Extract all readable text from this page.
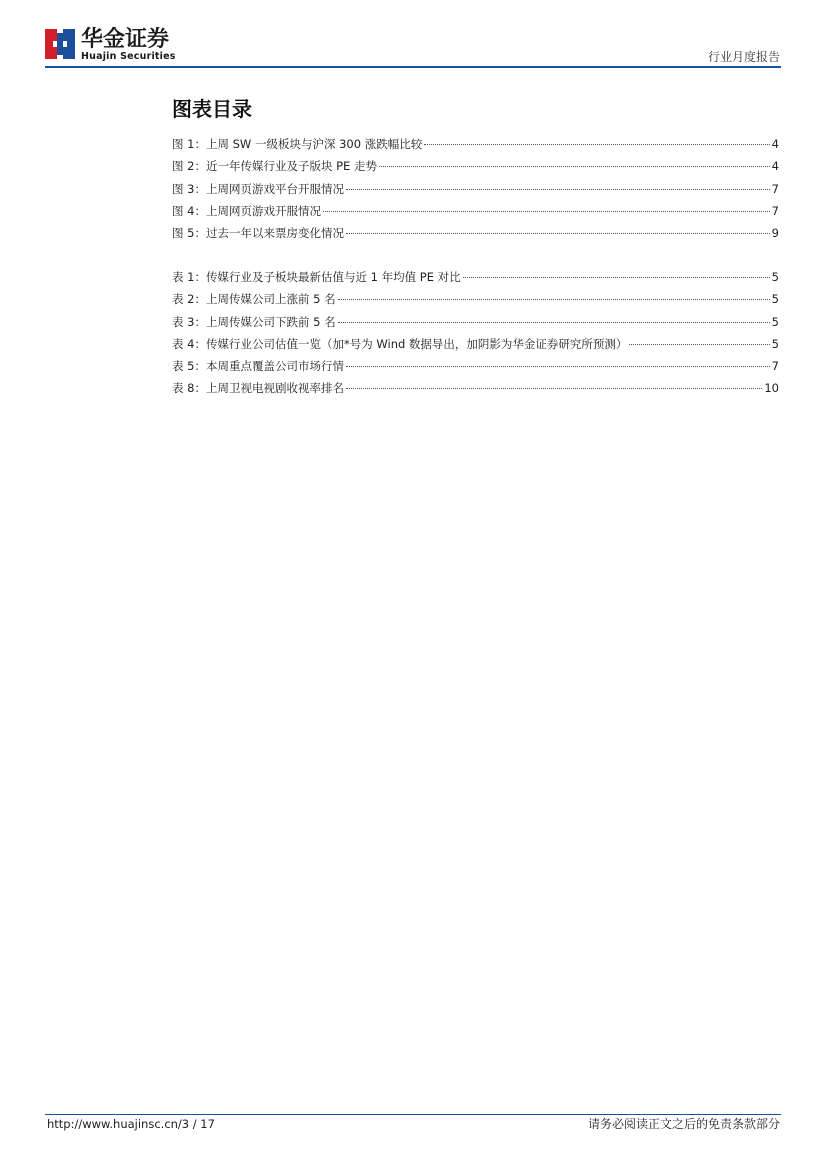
华金证券
Huajin Securities	行业月度报告
图表目录
图 1：上周 SW 一级板块与沪深 300 涨跌幅比较	4
图 2：近一年传媒行业及子版块 PE 走势	4
图 3：上周网页游戏平台开服情况	7
图 4：上周网页游戏开服情况	7
图 5：过去一年以来票房变化情况	9
表 1：传媒行业及子板块最新估值与近 1 年均值 PE 对比	5
表 2：上周传媒公司上涨前 5 名	5
表 3：上周传媒公司下跌前 5 名	5
表 4：传媒行业公司估值一览（加*号为 Wind 数据导出，加阴影为华金证券研究所预测）	5
表 5：本周重点覆盖公司市场行情	7
表 8：上周卫视电视剧收视率排名	10
http://www.huajinsc.cn/3 / 17	请务必阅读正文之后的免责条款部分
